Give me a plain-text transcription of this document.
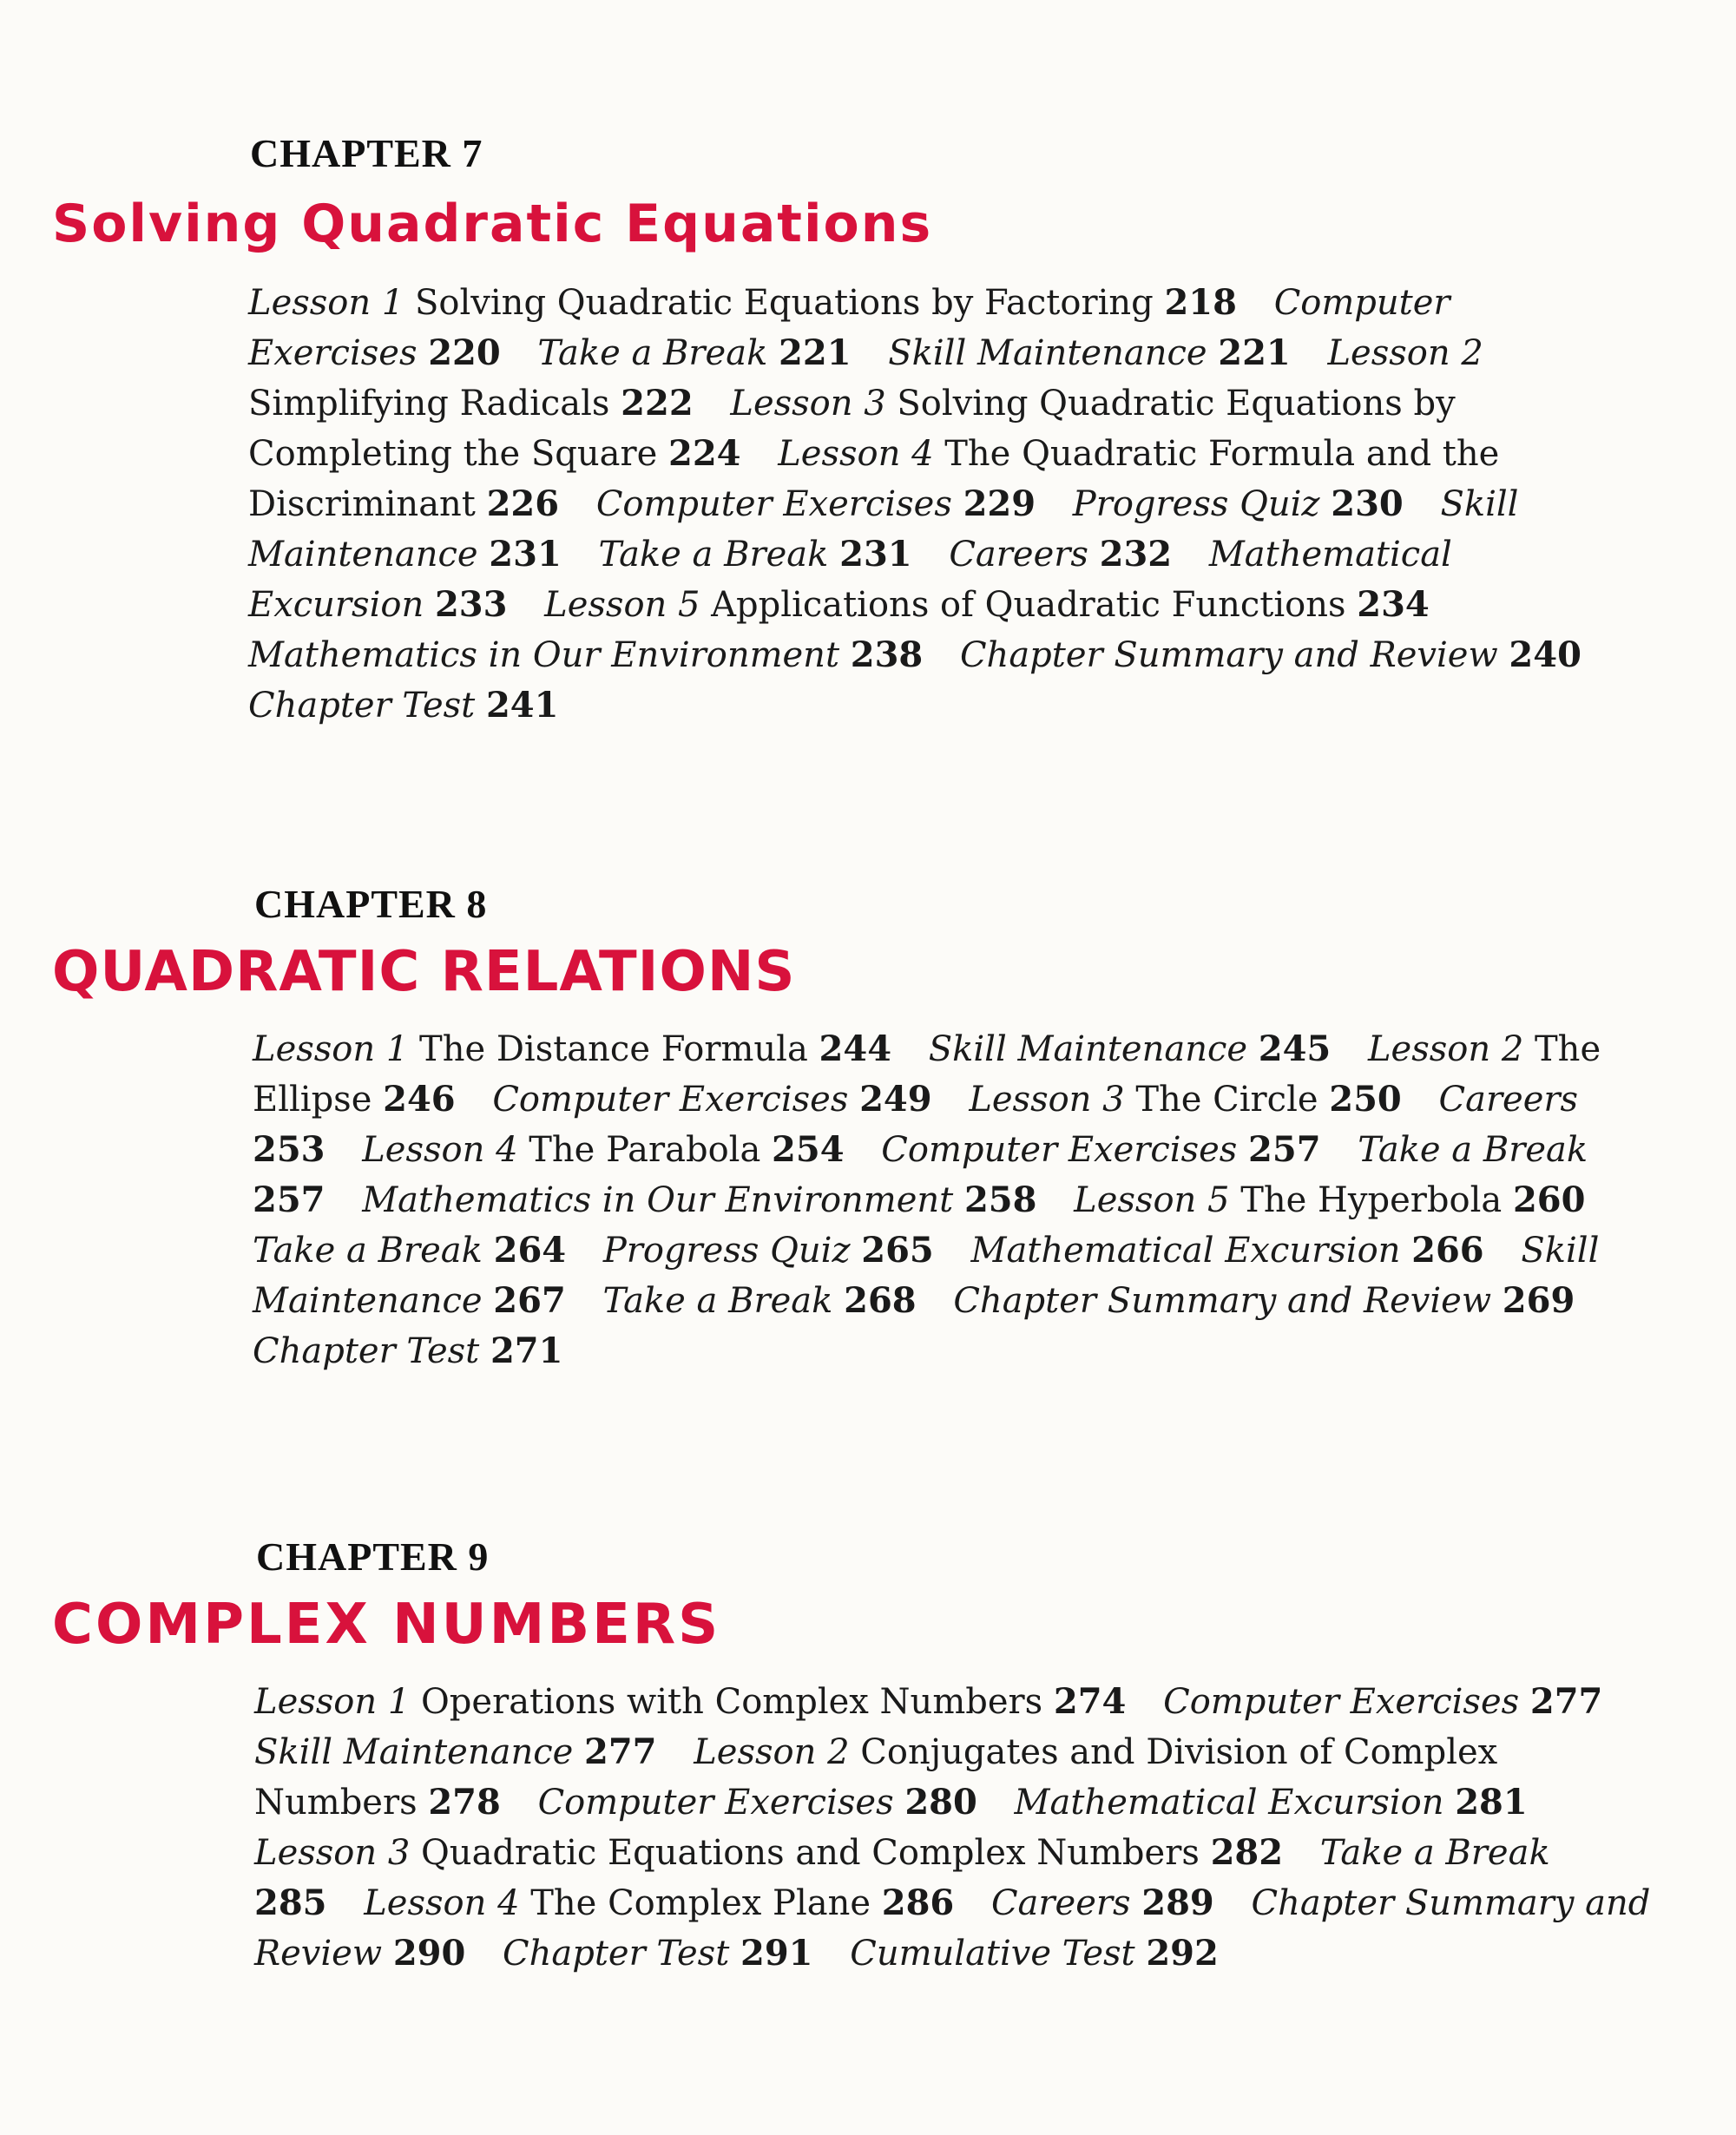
CHAPTER 7
Solving Quadratic Equations
Lesson 1 Solving Quadratic Equations by Factoring 218 Computer Exercises 220 Take a Break 221 Skill Maintenance 221 Lesson 2 Simplifying Radicals 222 Lesson 3 Solving Quadratic Equations by Completing the Square 224 Lesson 4 The Quadratic Formula and the Discriminant 226 Computer Exercises 229 Progress Quiz 230 Skill Maintenance 231 Take a Break 231 Careers 232 Mathematical Excursion 233 Lesson 5 Applications of Quadratic Functions 234 Mathematics in Our Environment 238 Chapter Summary and Review 240 Chapter Test 241
CHAPTER 8
QUADRATIC RELATIONS
Lesson 1 The Distance Formula 244 Skill Maintenance 245 Lesson 2 The Ellipse 246 Computer Exercises 249 Lesson 3 The Circle 250 Careers 253 Lesson 4 The Parabola 254 Computer Exercises 257 Take a Break 257 Mathematics in Our Environment 258 Lesson 5 The Hyperbola 260 Take a Break 264 Progress Quiz 265 Mathematical Excursion 266 Skill Maintenance 267 Take a Break 268 Chapter Summary and Review 269 Chapter Test 271
CHAPTER 9
COMPLEX NUMBERS
Lesson 1 Operations with Complex Numbers 274 Computer Exercises 277 Skill Maintenance 277 Lesson 2 Conjugates and Division of Complex Numbers 278 Computer Exercises 280 Mathematical Excursion 281 Lesson 3 Quadratic Equations and Complex Numbers 282 Take a Break 285 Lesson 4 The Complex Plane 286 Careers 289 Chapter Summary and Review 290 Chapter Test 291 Cumulative Test 292
